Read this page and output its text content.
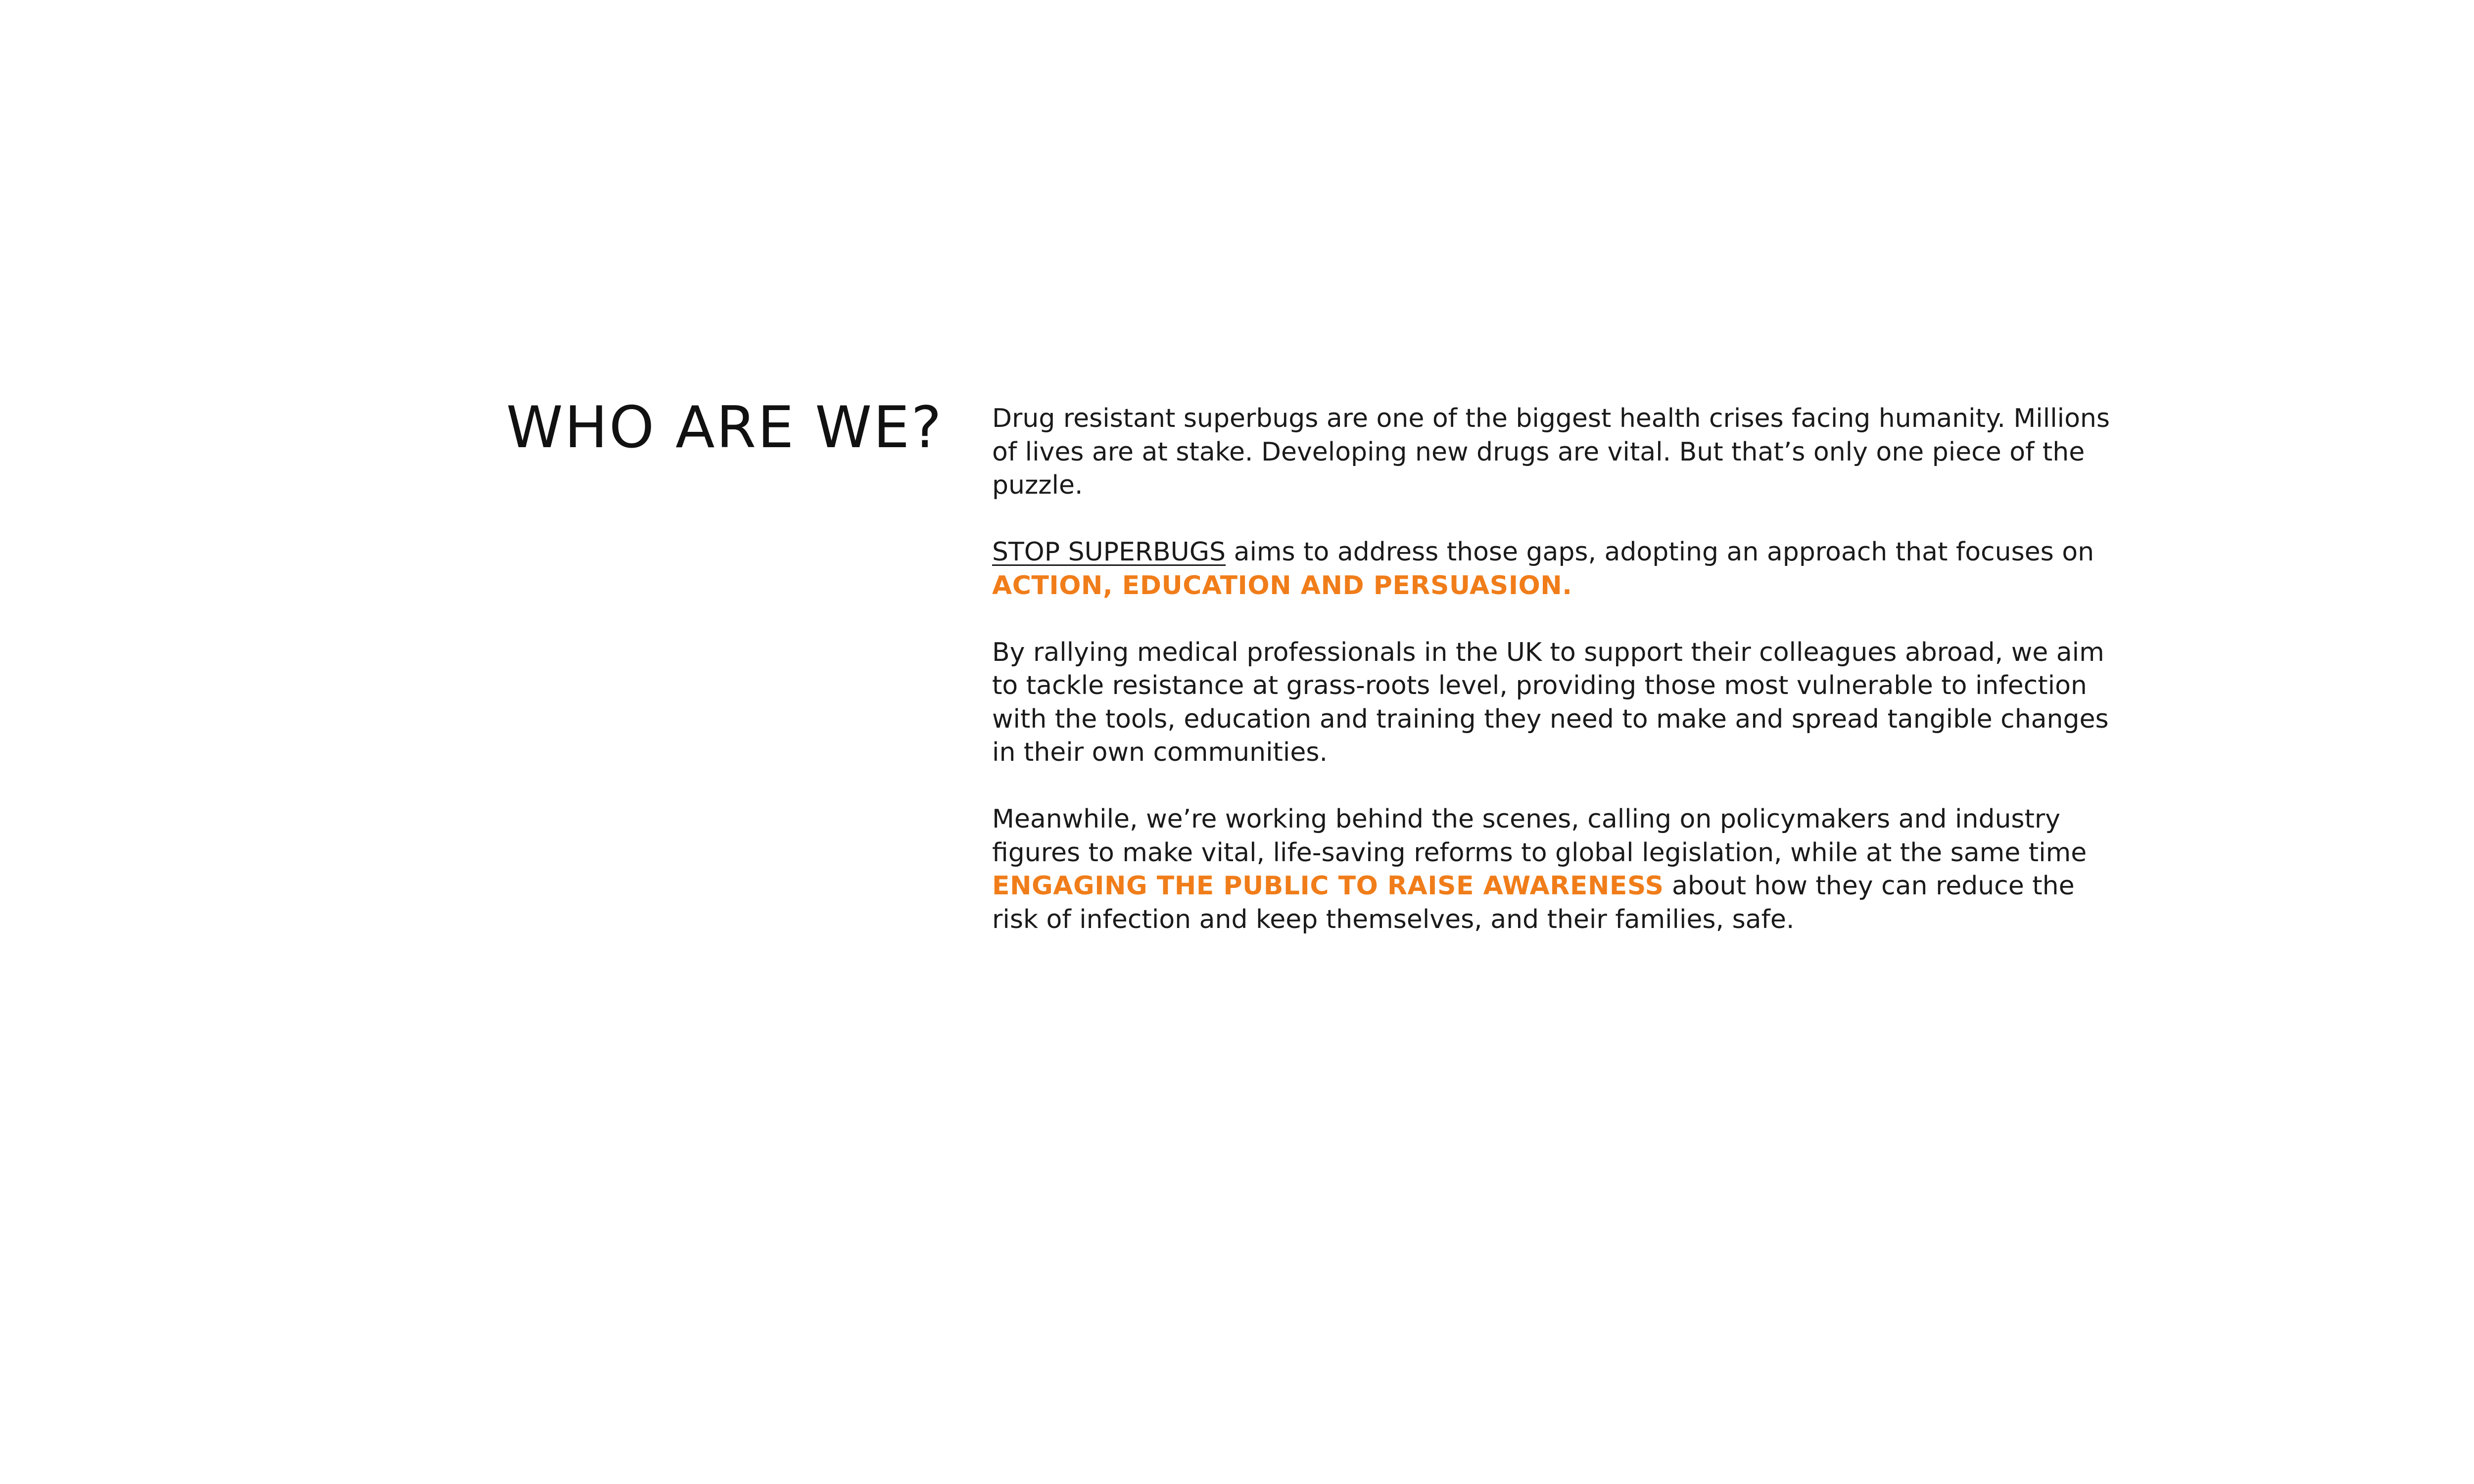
WHO ARE WE? Drug resistant superbugs are one of the biggest health crises facing humanity. Millions of lives are at stake. Developing new drugs are vital. But that’s only one piece of the puzzle.

STOP SUPERBUGS aims to address those gaps, adopting an approach that focuses on ACTION, EDUCATION AND PERSUASION.

By rallying medical professionals in the UK to support their colleagues abroad, we aim to tackle resistance at grass-roots level, providing those most vulnerable to infection with the tools, education and training they need to make and spread tangible changes in their own communities.

Meanwhile, we’re working behind the scenes, calling on policymakers and industry figures to make vital, life-saving reforms to global legislation, while at the same time ENGAGING THE PUBLIC TO RAISE AWARENESS about how they can reduce the risk of infection and keep themselves, and their families, safe.
